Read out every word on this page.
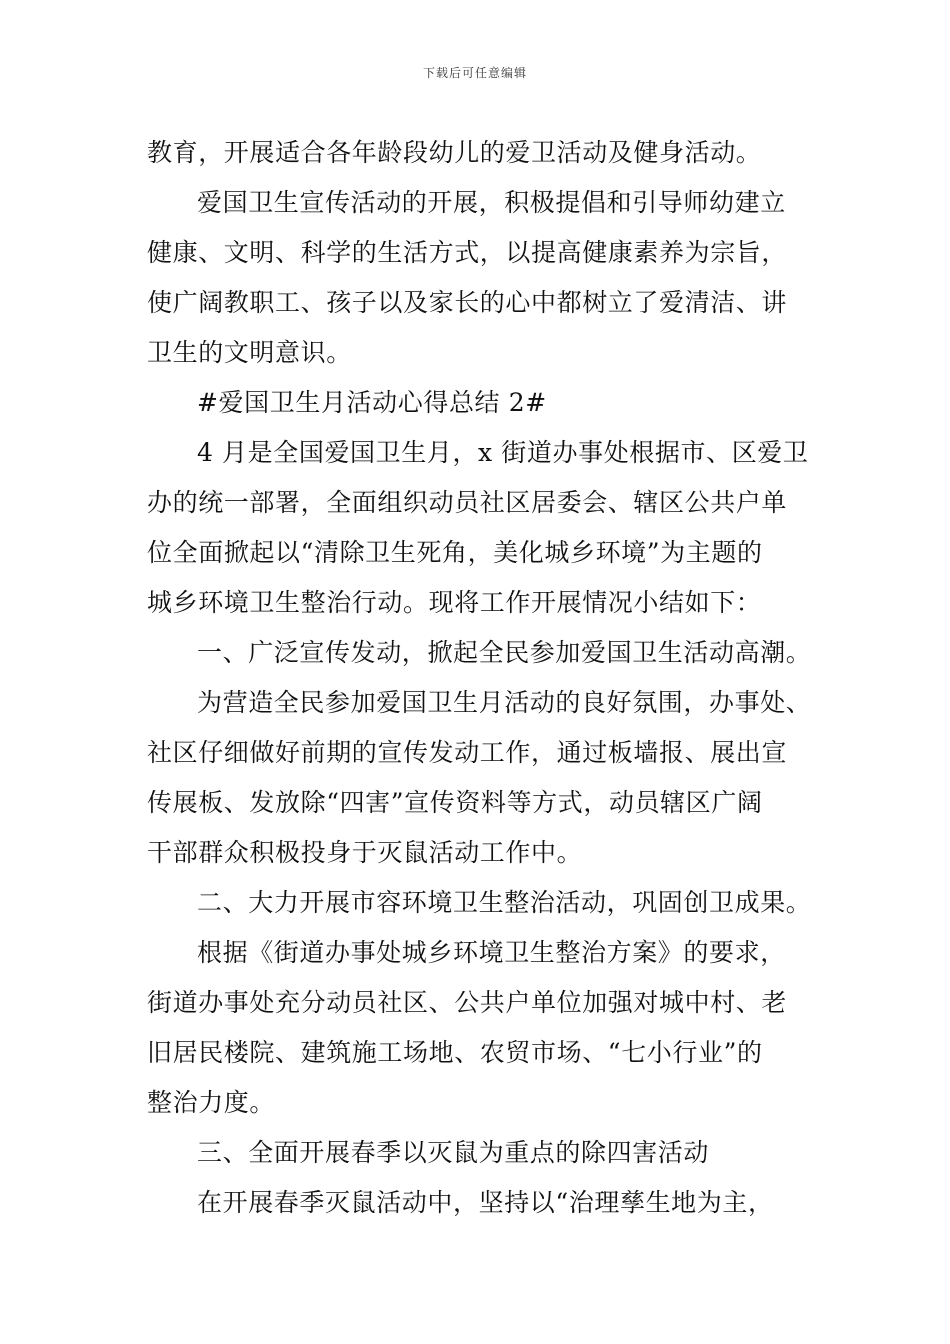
下载后可任意编辑
教育，开展适合各年龄段幼儿的爱卫活动及健身活动。
爱国卫生宣传活动的开展，积极提倡和引导师幼建立
健康、文明、科学的生活方式，以提高健康素养为宗旨，
使广阔教职工、孩子以及家长的心中都树立了爱清洁、讲
卫生的文明意识。
#爱国卫生月活动心得总结 2#
4 月是全国爱国卫生月，x 街道办事处根据市、区爱卫
办的统一部署，全面组织动员社区居委会、辖区公共户单
位全面掀起以“清除卫生死角，美化城乡环境”为主题的
城乡环境卫生整治行动。现将工作开展情况小结如下：
一、广泛宣传发动，掀起全民参加爱国卫生活动高潮。
为营造全民参加爱国卫生月活动的良好氛围，办事处、
社区仔细做好前期的宣传发动工作，通过板墙报、展出宣
传展板、发放除“四害”宣传资料等方式，动员辖区广阔
干部群众积极投身于灭鼠活动工作中。
二、大力开展市容环境卫生整治活动，巩固创卫成果。
根据《街道办事处城乡环境卫生整治方案》的要求，
街道办事处充分动员社区、公共户单位加强对城中村、老
旧居民楼院、建筑施工场地、农贸市场、“七小行业”的
整治力度。
三、全面开展春季以灭鼠为重点的除四害活动
在开展春季灭鼠活动中，坚持以“治理孳生地为主，
